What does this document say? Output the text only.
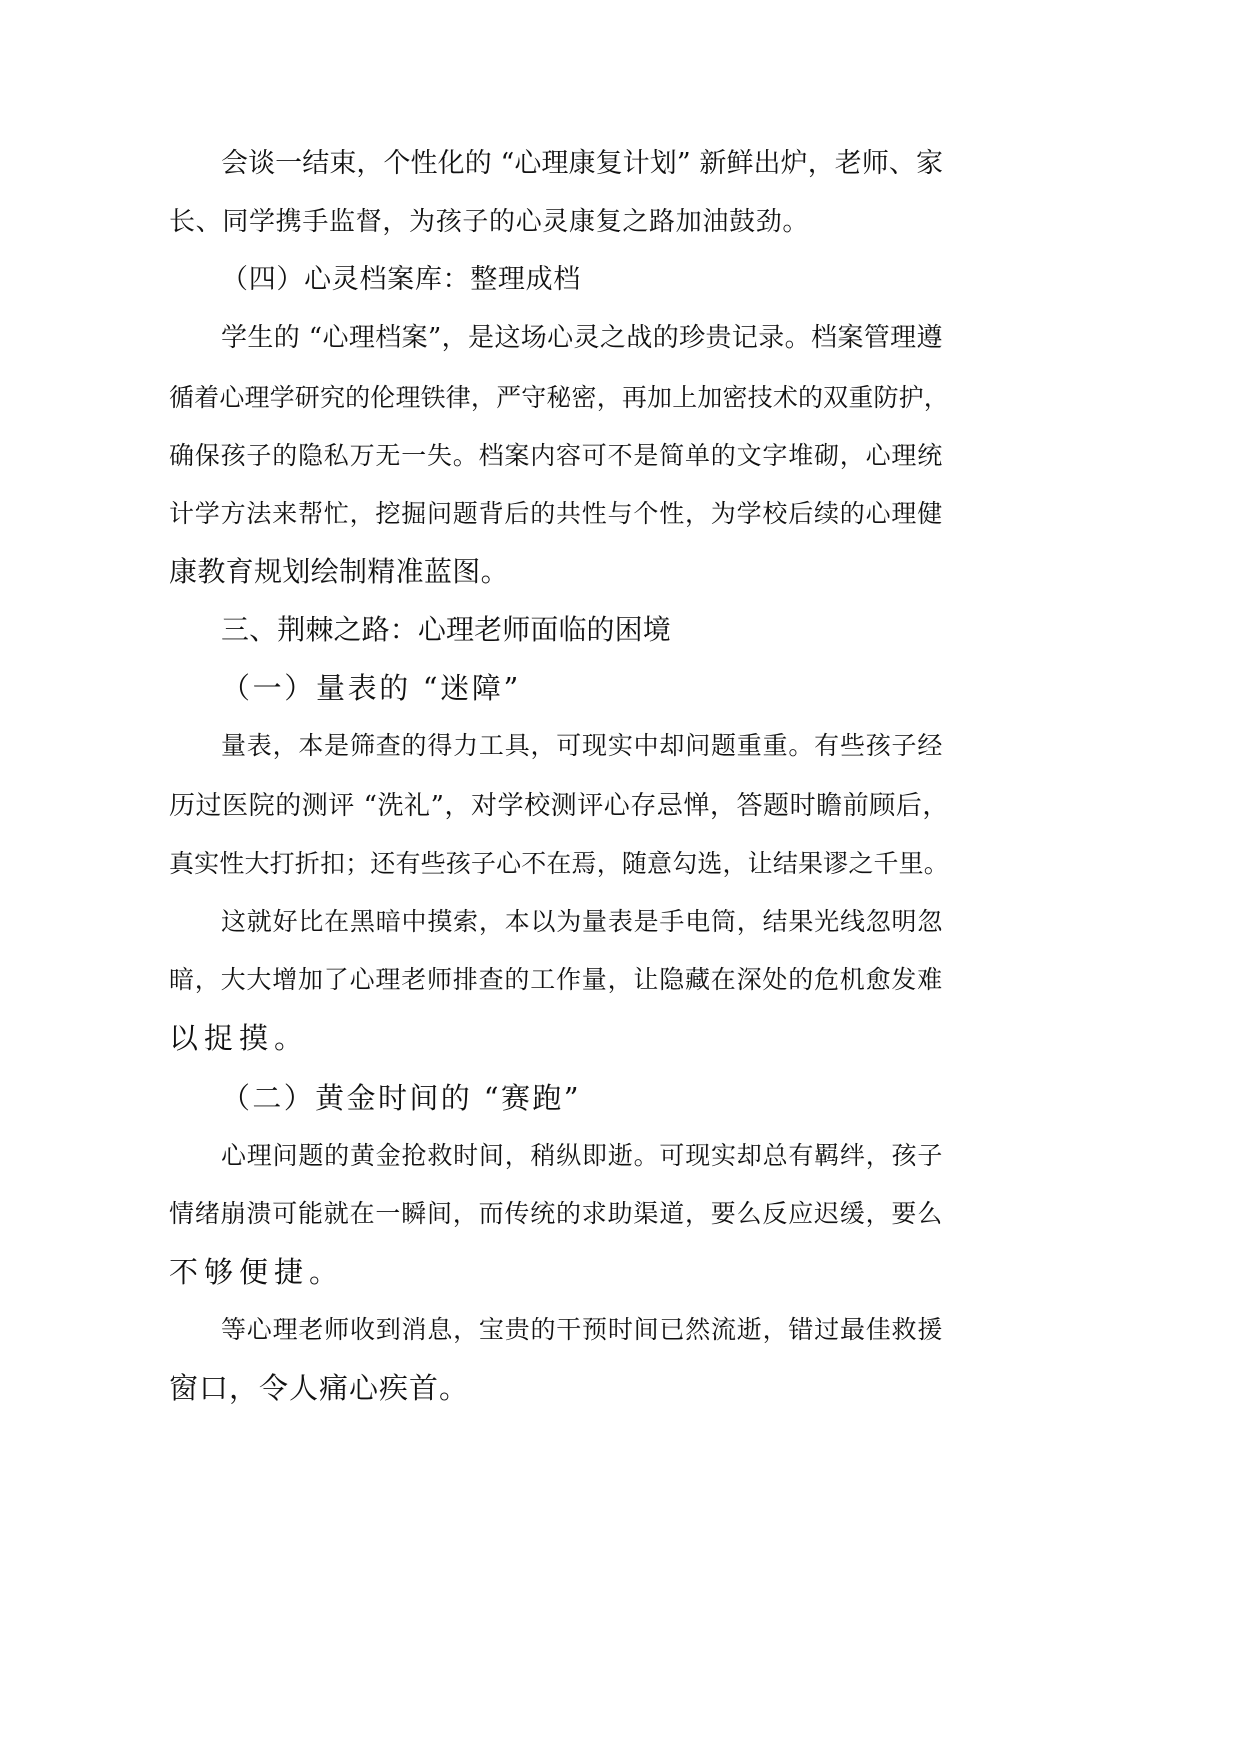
会谈一结束，个性化的 “心理康复计划” 新鲜出炉，老师、家
长、同学携手监督，为孩子的心灵康复之路加油鼓劲。
（四）心灵档案库：整理成档
学生的 “心理档案”，是这场心灵之战的珍贵记录。档案管理遵
循着心理学研究的伦理铁律，严守秘密，再加上加密技术的双重防护，
确保孩子的隐私万无一失。档案内容可不是简单的文字堆砌，心理统
计学方法来帮忙，挖掘问题背后的共性与个性，为学校后续的心理健
康教育规划绘制精准蓝图。
三、荆棘之路：心理老师面临的困境
（一）量表的 “迷障”
量表，本是筛查的得力工具，可现实中却问题重重。有些孩子经
历过医院的测评 “洗礼”，对学校测评心存忌惮，答题时瞻前顾后，
真实性大打折扣；还有些孩子心不在焉，随意勾选，让结果谬之千里。
这就好比在黑暗中摸索，本以为量表是手电筒，结果光线忽明忽
暗，大大增加了心理老师排查的工作量，让隐藏在深处的危机愈发难
以捉摸。
（二）黄金时间的 “赛跑”
心理问题的黄金抢救时间，稍纵即逝。可现实却总有羁绊，孩子
情绪崩溃可能就在一瞬间，而传统的求助渠道，要么反应迟缓，要么
不够便捷。
等心理老师收到消息，宝贵的干预时间已然流逝，错过最佳救援
窗口，令人痛心疾首。
